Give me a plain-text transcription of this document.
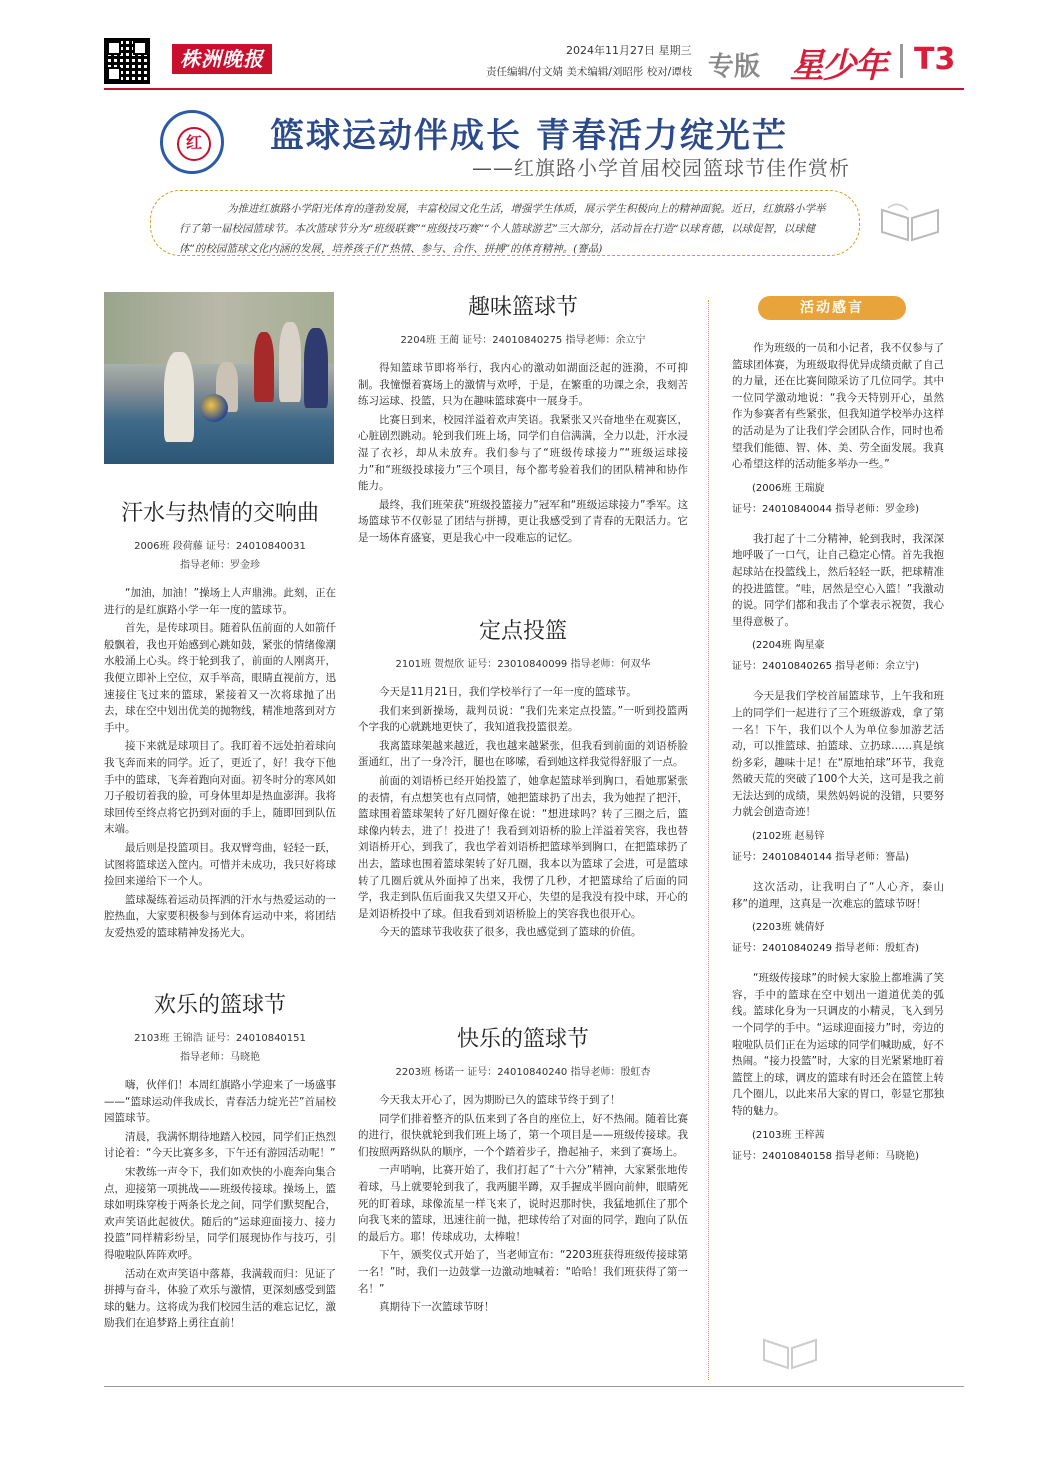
株洲晚报	2024年11月27日 星期三
责任编辑/付文婧 美术编辑/刘昭彤 校对/谭枝 专版 星少年 T3
红 篮球运动伴成长 青春活力绽光芒
——红旗路小学首届校园篮球节佳作赏析

为推进红旗路小学阳光体育的蓬勃发展，丰富校园文化生活，增强学生体质，展示学生积极向上的精神面貌。近日，红旗路小学举行了第一届校园篮球节。本次篮球节分为“班级联赛”“班级技巧赛”“个人篮球游艺”三大部分，活动旨在打造“以球育德，以球促智，以球健体”的校园篮球文化内涵的发展，培养孩子们“热情、参与、合作、拼搏”的体育精神。(謇晶)

汗水与热情的交响曲
2006班 段荷藤 证号：24010840031
指导老师：罗金珍

“加油，加油！”操场上人声鼎沸。此刻，正在进行的是红旗路小学一年一度的篮球节。

首先，是传球项目。随着队伍前面的人如箭仟般飘着，我也开始感到心跳如鼓，紧张的情绪像潮水般涌上心头。终于轮到我了，前面的人刚离开，我便立即补上空位，双手举高，眼睛直视前方，迅速接住飞过来的篮球，紧接着又一次将球抛了出去，球在空中划出优美的抛物线，精准地落到对方手中。

接下来就是球项目了。我盯着不远处拍着球向我飞奔而来的同学。近了，更近了，好！我夺下他手中的篮球，飞奔着跑向对面。初冬时分的寒风如刀子般切着我的脸，可身体里却是热血澎湃。我将球回传至终点将它扔到对面的手上，随即回到队伍末端。

最后则是投篮项目。我双臂弯曲，轻轻一跃，试图将篮球送入筐内。可惜并未成功，我只好将球捡回来递给下一个人。

篮球凝练着运动员挥洒的汗水与热爱运动的一腔热血，大家要积极参与到体育运动中来，将团结友爱热爱的篮球精神发扬光大。

欢乐的篮球节
2103班 王锦浩 证号：24010840151
指导老师：马晓艳

嗨，伙伴们！本周红旗路小学迎来了一场盛事——“篮球运动伴我成长，青春活力绽光芒”首届校园篮球节。

清晨，我满怀期待地踏入校园，同学们正热烈讨论着：“今天比赛多多，下午还有游园活动呢！”

宋教练一声令下，我们如欢快的小鹿奔向集合点，迎接第一项挑战——班级传接球。操场上，篮球如明珠穿梭于两条长龙之间，同学们默契配合，欢声笑语此起彼伏。随后的“运球迎面接力、接力投篮”同样精彩纷呈，同学们展现协作与技巧，引得啦啦队阵阵欢呼。

活动在欢声笑语中落幕，我满载而归：见证了拼搏与奋斗，体验了欢乐与激情，更深刻感受到篮球的魅力。这将成为我们校园生活的难忘记忆，激励我们在追梦路上勇往直前！

趣味篮球节
2204班 王蔺 证号：24010840275 指导老师：余立宁

得知篮球节即将举行，我内心的激动如湖面泛起的涟漪，不可抑制。我憧憬着赛场上的激情与欢呼，于是，在繁重的功课之余，我刻苦练习运球、投篮，只为在趣味篮球赛中一展身手。

比赛日到来，校园洋溢着欢声笑语。我紧张又兴奋地坐在观赛区，心脏剧烈跳动。轮到我们班上场，同学们自信满满，全力以赴，汗水浸湿了衣衫，却从未放弃。我们参与了“班级传球接力”“班级运球接力”和“班级投球接力”三个项目，每个都考验着我们的团队精神和协作能力。

最终，我们班荣获“班级投篮接力”冠军和“班级运球接力”季军。这场篮球节不仅彰显了团结与拼搏，更让我感受到了青春的无限活力。它是一场体育盛宴，更是我心中一段难忘的记忆。

定点投篮
2101班 贺煜欣 证号：23010840099 指导老师：何双华

今天是11月21日，我们学校举行了一年一度的篮球节。

我们来到新操场，裁判员说：“我们先来定点投篮。”一听到投篮两个字我的心就跳地更快了，我知道我投篮很差。

我离篮球架越来越近，我也越来越紧张，但我看到前面的刘语桥脸蛋通红，出了一身冷汗，腿也在哆嗦，看到她这样我觉得舒服了一点。

前面的刘语桥已经开始投篮了，她拿起篮球举到胸口，看她那紧张的表情，有点想笑也有点同情，她把篮球扔了出去，我为她捏了把汗，篮球围着篮球架转了好几圈好像在说：“想进球吗？转了三圈之后，篮球像内转去，进了！投进了！我看到刘语桥的脸上洋溢着笑容，我也替刘语桥开心，到我了，我也学着刘语桥把篮球举到胸口，在把篮球扔了出去，篮球也围着篮球架转了好几圈，我本以为篮球了会进，可是篮球转了几圈后就从外面掉了出来，我愣了几秒，才把篮球给了后面的同学，我走到队伍后面我又失望又开心，失望的是我没有投中球，开心的是刘语桥投中了球。但我看到刘语桥脸上的笑容我也很开心。

今天的篮球节我收获了很多，我也感觉到了篮球的价值。

快乐的篮球节
2203班 杨诺一 证号：24010840240 指导老师：殷虹杏

今天我太开心了，因为期盼已久的篮球节终于到了！

同学们排着整齐的队伍来到了各自的座位上，好不热闹。随着比赛的进行，很快就轮到我们班上场了，第一个项目是——班级传接球。我们按照两路纵队的顺序，一个个踏着步子，撸起袖子，来到了赛场上。

一声哨响，比赛开始了，我们打起了“十六分”精神，大家紧张地传着球，马上就要轮到我了，我两腿半蹲，双手握成半圆向前伸，眼睛死死的盯着球，球像流星一样飞来了，说时迟那时快，我猛地抓住了那个向我飞来的篮球，迅速往前一抛，把球传给了对面的同学，跑向了队伍的最后方。耶！传球成功，太棒啦！

下午，颁奖仪式开始了，当老师宣布：“2203班获得班级传接球第一名！”时，我们一边鼓掌一边激动地喊着：“哈哈！我们班获得了第一名！”

真期待下一次篮球节呀！

活动感言

作为班级的一员和小记者，我不仅参与了篮球团体赛，为班级取得优异成绩贡献了自己的力量，还在比赛间隙采访了几位同学。其中一位同学激动地说：“我今天特别开心，虽然作为参赛者有些紧张，但我知道学校举办这样的活动是为了让我们学会团队合作，同时也希望我们能德、智、体、美、劳全面发展。我真心希望这样的活动能多举办一些。”

(2006班 王瑞旋
证号：24010840044 指导老师：罗金珍)

我打起了十二分精神，轮到我时，我深深地呼吸了一口气，让自己稳定心情。首先我抱起球站在投篮线上，然后轻轻一跃，把球精准的投进篮筐。“哇，居然是空心入篮！”我激动的说。同学们都和我击了个掌表示祝贺，我心里得意极了。

(2204班 陶星豪
证号：24010840265 指导老师：余立宁)

今天是我们学校首届篮球节，上午我和班上的同学们一起进行了三个班级游戏，拿了第一名！下午，我们以个人为单位参加游艺活动，可以推篮球、拍篮球、立扔球……真是缤纷多彩，趣味十足！在“原地拍球”环节，我竟然破天荒的突破了100个大关，这可是我之前无法达到的成绩，果然妈妈说的没错，只要努力就会创造奇迹！

(2102班 赵易锌
证号：24010840144 指导老师：謇晶)

这次活动，让我明白了“人心齐，泰山移”的道理，这真是一次难忘的篮球节呀！

(2203班 姚倩妤
证号：24010840249 指导老师：殷虹杏)

“班级传接球”的时候大家脸上都堆满了笑容，手中的篮球在空中划出一道道优美的弧线。篮球化身为一只调皮的小精灵，飞入到另一个同学的手中。“运球迎面接力”时，旁边的啦啦队员们正在为运球的同学们喊助威，好不热闹。“接力投篮”时，大家的目光紧紧地盯着篮筐上的球，调皮的篮球有时还会在篮筐上转几个圈儿，以此来吊大家的胃口，彰显它那独特的魅力。

(2103班 王梓茜
证号：24010840158 指导老师：马晓艳)
